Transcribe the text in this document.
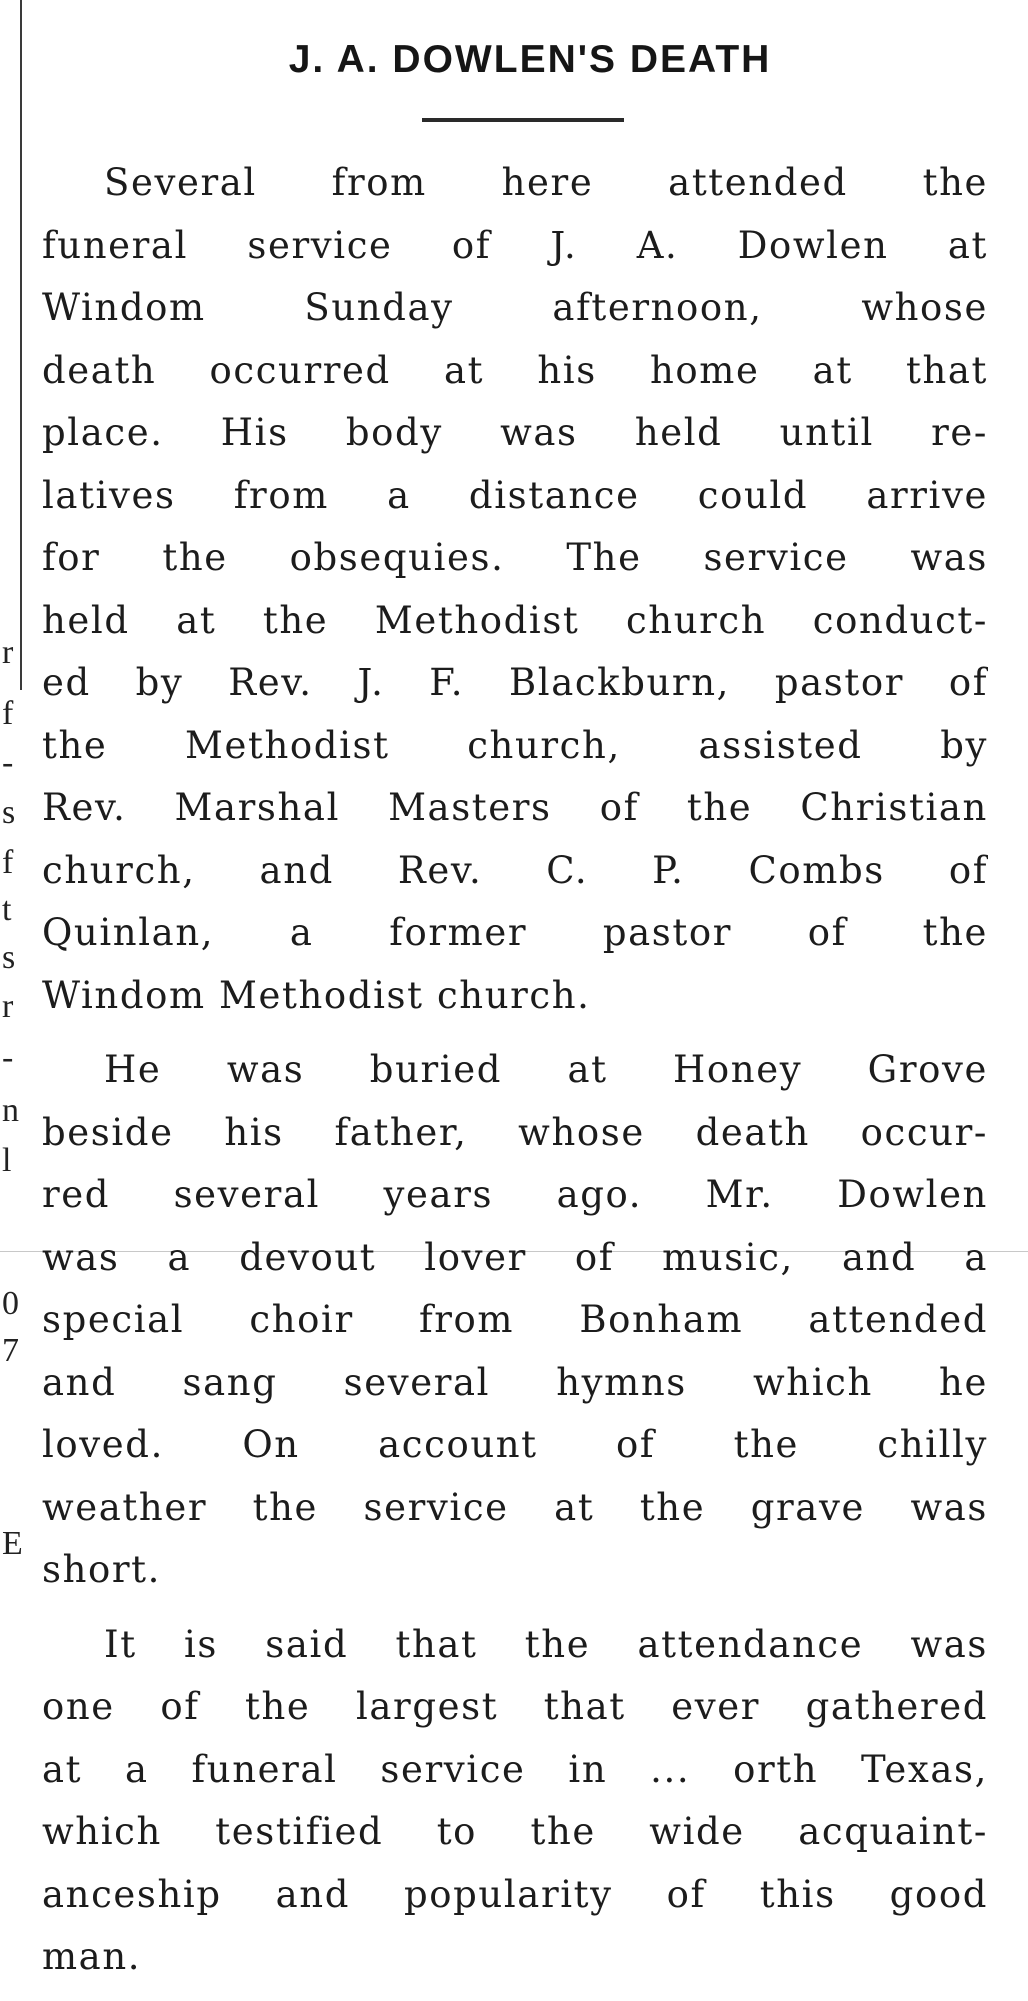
r
f
-
s
f
t
s
r
-
n
l
0
7
E
J. A. DOWLEN'S DEATH
Several from here attended the
funeral service of J. A. Dowlen at
Windom Sunday afternoon, whose
death occurred at his home at that
place. His body was held until re-
latives from a distance could arrive
for the obsequies. The service was
held at the Methodist church conduct-
ed by Rev. J. F. Blackburn, pastor of
the Methodist church, assisted by
Rev. Marshal Masters of the Christian
church, and Rev. C. P. Combs of
Quinlan, a former pastor of the
Windom Methodist church.
He was buried at Honey Grove
beside his father, whose death occur-
red several years ago. Mr. Dowlen
was a devout lover of music, and a
special choir from Bonham attended
and sang several hymns which he
loved. On account of the chilly
weather the service at the grave was
short.
It is said that the attendance was
one of the largest that ever gathered
at a funeral service in ... orth Texas,
which testified to the wide acquaint-
anceship and popularity of this good
man.
